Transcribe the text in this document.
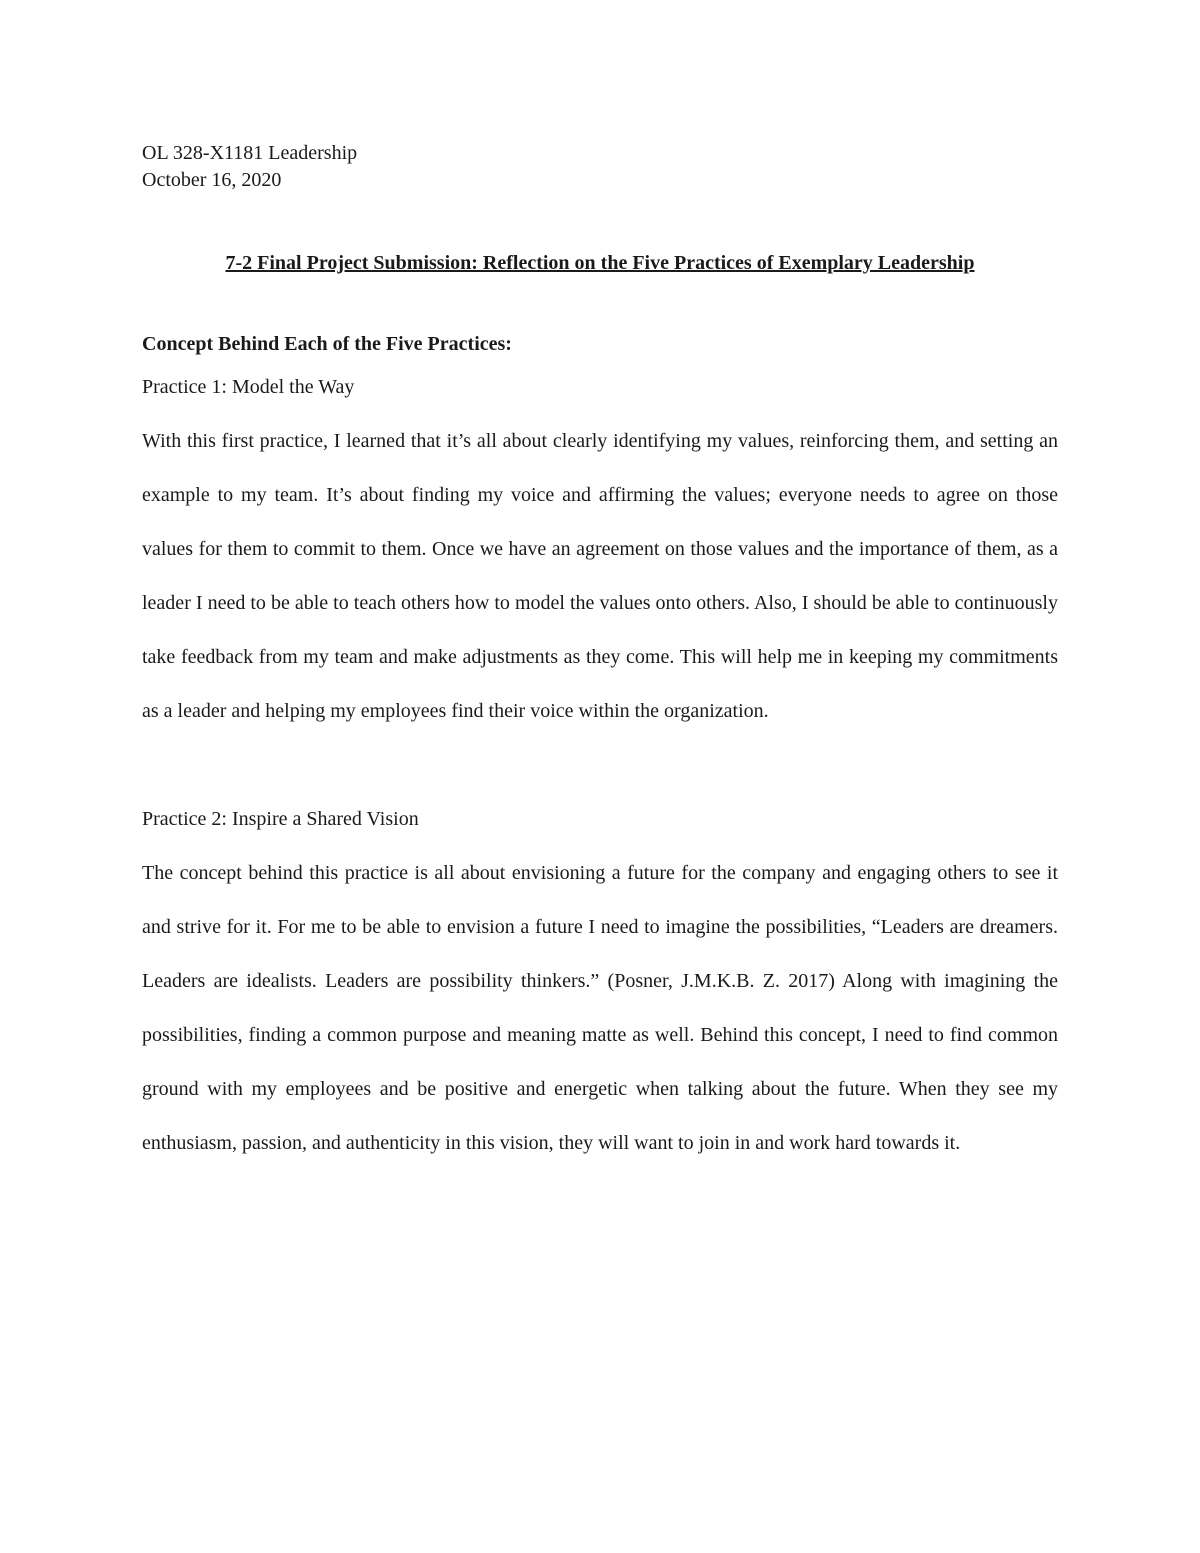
OL 328-X1181 Leadership

October 16, 2020

7-2 Final Project Submission: Reflection on the Five Practices of Exemplary Leadership
Concept Behind Each of the Five Practices:

Practice 1: Model the Way

With this first practice, I learned that it’s all about clearly identifying my values, reinforcing them, and setting an example to my team. It’s about finding my voice and affirming the values; everyone needs to agree on those values for them to commit to them. Once we have an agreement on those values and the importance of them, as a leader I need to be able to teach others how to model the values onto others. Also, I should be able to continuously take feedback from my team and make adjustments as they come. This will help me in keeping my commitments as a leader and helping my employees find their voice within the organization.

Practice 2: Inspire a Shared Vision

The concept behind this practice is all about envisioning a future for the company and engaging others to see it and strive for it. For me to be able to envision a future I need to imagine the possibilities, “Leaders are dreamers. Leaders are idealists. Leaders are possibility thinkers.” (Posner, J.M.K.B. Z. 2017) Along with imagining the possibilities, finding a common purpose and meaning matte as well. Behind this concept, I need to find common ground with my employees and be positive and energetic when talking about the future. When they see my enthusiasm, passion, and authenticity in this vision, they will want to join in and work hard towards it.
